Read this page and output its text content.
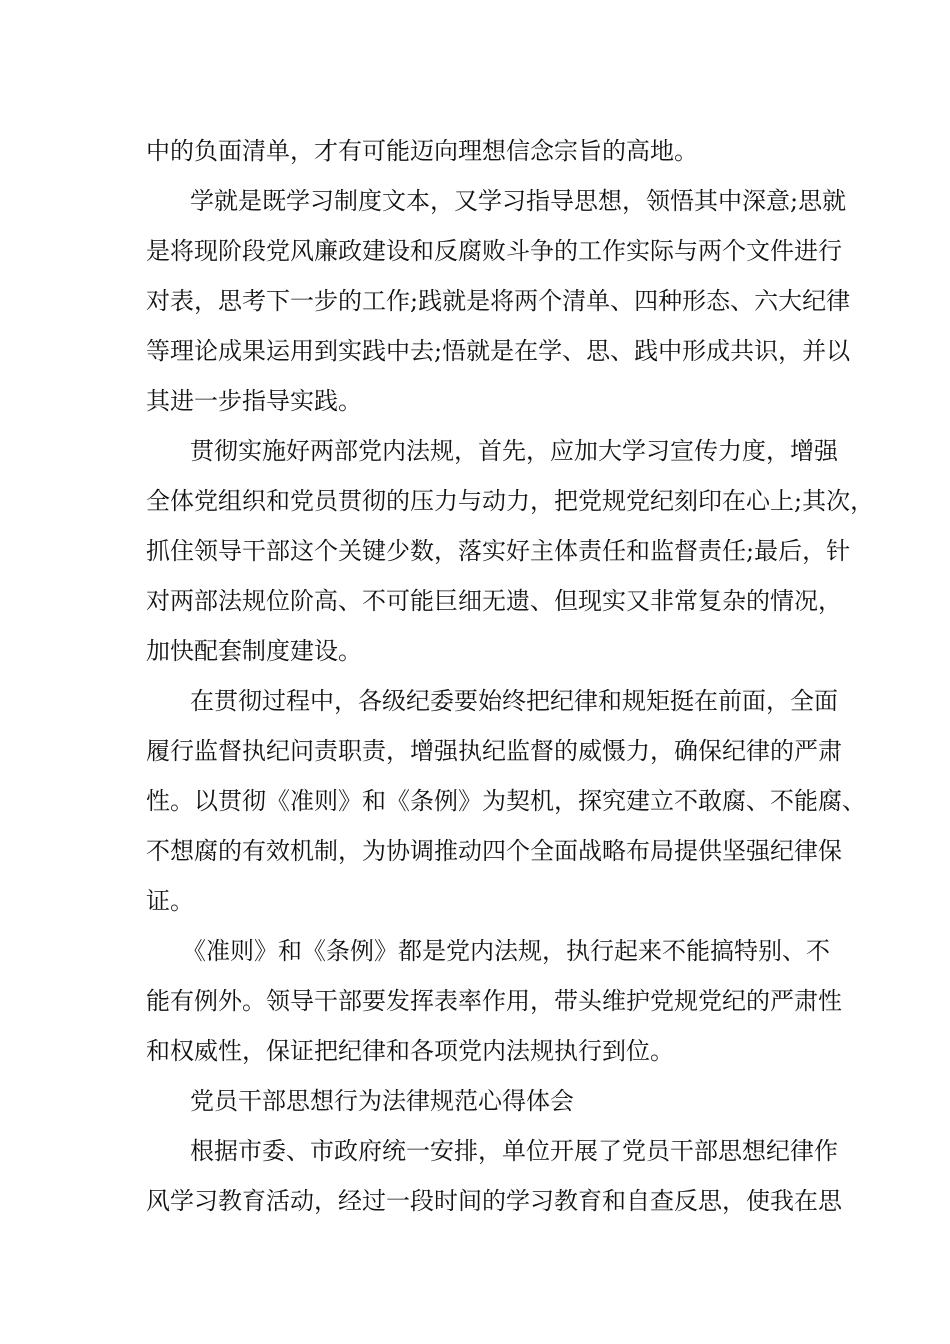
中的负面清单，才有可能迈向理想信念宗旨的高地。

学就是既学习制度文本，又学习指导思想，领悟其中深意;思就

是将现阶段党风廉政建设和反腐败斗争的工作实际与两个文件进行

对表，思考下一步的工作;践就是将两个清单、四种形态、六大纪律

等理论成果运用到实践中去;悟就是在学、思、践中形成共识，并以

其进一步指导实践。

贯彻实施好两部党内法规，首先，应加大学习宣传力度，增强

全体党组织和党员贯彻的压力与动力，把党规党纪刻印在心上;其次，

抓住领导干部这个关键少数，落实好主体责任和监督责任;最后，针

对两部法规位阶高、不可能巨细无遗、但现实又非常复杂的情况，

加快配套制度建设。

在贯彻过程中，各级纪委要始终把纪律和规矩挺在前面，全面

履行监督执纪问责职责，增强执纪监督的威慑力，确保纪律的严肃

性。以贯彻《准则》和《条例》为契机，探究建立不敢腐、不能腐、

不想腐的有效机制，为协调推动四个全面战略布局提供坚强纪律保

证。

《准则》和《条例》都是党内法规，执行起来不能搞特别、不

能有例外。领导干部要发挥表率作用，带头维护党规党纪的严肃性

和权威性，保证把纪律和各项党内法规执行到位。

党员干部思想行为法律规范心得体会

根据市委、市政府统一安排，单位开展了党员干部思想纪律作

风学习教育活动，经过一段时间的学习教育和自查反思，使我在思
